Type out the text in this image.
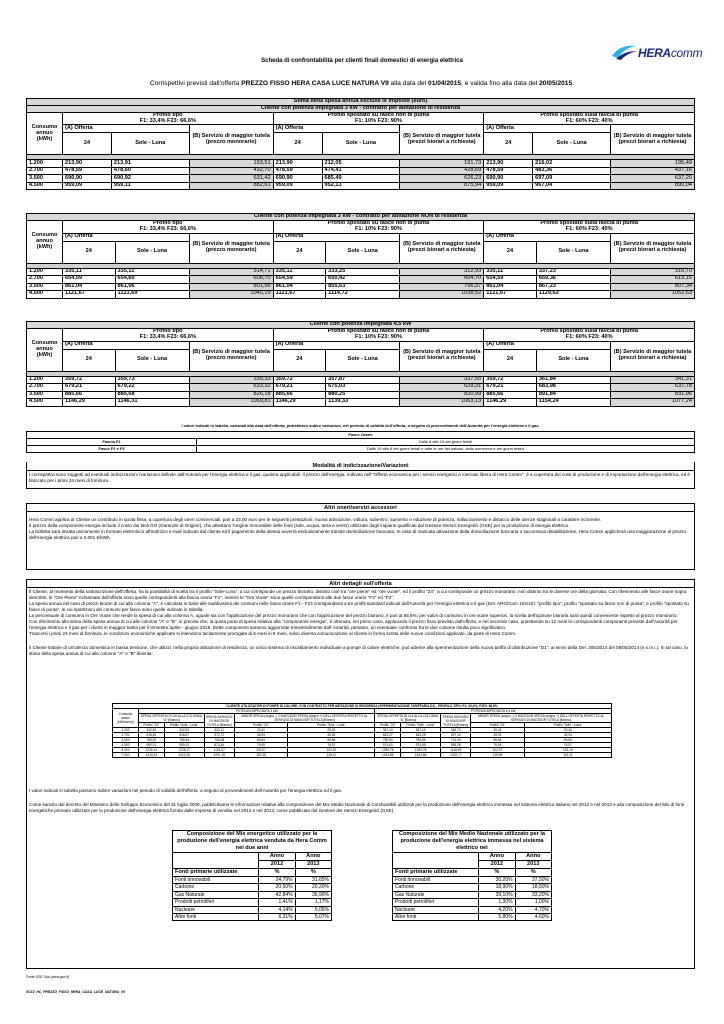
HERAcomm
Scheda di confrontabilità per clienti finali domestici di energia elettrica
Corrispettivi previsti dall'offerta PREZZO FISSO HERA CASA LUCE NATURA V9 alla data del 01/04/2015, e valida fino alla data del 20/05/2015.
Stima della spesa annua escluse le imposte (euro)									
Cliente con potenza impegnata 3 kW - contratto per abitazione di residenza									
Consumo annuo (kWh)	Profilo tipo
F1: 33,4% F23: 66,6%			Profilo spostato su fasce non di punta
F1: 10% F23: 90%			Profilo spostato sulla fascia di punta
F1: 60% F23: 40%		
	(A) Offerta		(B) Servizio di maggior tutela (prezzo monorario)	(A) Offerta		(B) Servizio di maggior tutela (prezzi biorari a richiesta)	(A) Offerta		(B) Servizio di maggior tutela (prezzi biorari a richiesta)
	24	Sole - Luna		24	Sole - Luna		24	Sole - Luna	

1.200	213,90	213,91	193,51	213,90	212,05	191,73	213,90	216,02	195,49
2.700	478,59	478,60	432,70	478,59	474,41	428,69	478,59	483,36	437,16
3.500	690,90	690,92	631,42	690,90	685,49	626,23	690,90	697,09	637,20
4.500	959,09	959,11	882,61	959,09	952,13	875,94	959,09	967,04	890,04
Cliente con potenza impegnata 3 kW - contratto per abitazione NON di residenza									
Consumo annuo (kWh)	Profilo tipo
F1: 33,4% F23: 66,6%			Profilo spostato su fasce non di punta
F1: 10% F23: 90%			Profilo spostato sulla fascia di punta
F1: 60% F23: 40%		
	(A) Offerta		(B) Servizio di maggior tutela (prezzo monorario)	(A) Offerta		(B) Servizio di maggior tutela (prezzi biorari a richiesta)	(A) Offerta		(B) Servizio di maggior tutela (prezzi biorari a richiesta)
	24	Sole - Luna		24	Sole - Luna		24	Sole - Luna	

1.200	335,11	335,11	314,71	335,11	333,25	312,93	335,11	337,23	316,70
2.700	654,59	654,60	608,70	654,59	650,42	604,70	654,59	659,36	613,16
3.500	861,04	861,06	801,56	861,04	855,63	796,37	861,04	867,23	807,34
4.500	1121,67	1121,69	1045,19	1121,67	1114,72	1038,52	1121,67	1129,62	1052,63
Cliente con potenza impegnata 4,5 kW									
Consumo annuo (kWh)	Profilo tipo
F1: 33,4% F23: 66,6%			Profilo spostato su fasce non di punta
F1: 10% F23: 90%			Profilo spostato sulla fascia di punta
F1: 60% F23: 40%		
	(A) Offerta		(B) Servizio di maggior tutela (prezzo monorario)	(A) Offerta		(B) Servizio di maggior tutela (prezzi biorari a richiesta)	(A) Offerta		(B) Servizio di maggior tutela (prezzi biorari a richiesta)
	24	Sole - Luna		24	Sole - Luna		24	Sole - Luna	

1.200	359,72	359,73	339,33	359,72	357,87	337,55	359,72	361,84	341,31
2.700	679,21	679,22	633,32	679,21	675,03	629,31	679,21	683,98	637,78
3.500	885,66	885,68	826,18	885,66	880,25	820,99	885,66	891,84	831,96
4.500	1146,29	1146,31	1069,81	1146,29	1139,33	1063,13	1146,29	1154,24	1077,24
I valori indicati in tabella, calcolati alla data dell'offerta, potrebbero subire variazioni, nel periodo di validità dell'offerta, a seguito di provvedimenti dell'Autorità per l'energia elettrica e il gas.
Fasce Orarie	
Fascia F1	Dalle 8 alle 19 dei giorni feriali
Fasce F2 e F3	Dalle 19 alle 8 dei giorni feriali e tutte le ore del sabato, della domenica e dei giorni festivi
Modalità di indicizzazione/Variazioni
I corrispettivi sono soggetti ad eventuali indicizzazioni /variazioni definite dall'Autorità per l'energia elettrica e il gas, qualora applicabili. Il prezzo dell'energia, indicato nell'"Offerta economica per i servizi energetici a mercato libero di Hera Comm", è a copertura dei costi di produzione e di importazione dell'energia elettrica, ed è bloccato per i primi 24 mesi di fornitura.
Altri oneri/servizi accessori

Hera Comm applica al Cliente un contributo in quota fissa, a copertura degli oneri commerciali, pari a 23,00 euro per le seguenti prestazioni: nuova attivazione, voltura, subentro, aumento e riduzione di potenza, riallacciamento e distacco delle utenze stagionali a carattere ricorrente.

Il prezzo della componente energia include il costo dei titoli GO (Garanzie di Origine), che attestano l'origine rinnovabile delle fonti (sole, acqua, terra e vento) utilizzate dagli impianti qualificati dal Gestore Servizi Energetici (GSE) per la produzione di energia elettrica.

La bolletta sarà inviata unicamente in formato elettronico all'indirizzo e-mail indicato dal cliente ed il pagamento della stessa avverrà esclusivamente tramite domiciliazione bancaria. In caso di mancata attivazione della domiciliazione bancaria o successiva disabilitazione, Hera Comm applicherà una maggiorazione al prezzo dell'energia elettrica pari a 0,001 €/kWh.

Altri dettagli sull'offerta

Il Cliente, al momento della sottoscrizione dell'offerta, ha la possibilità di scelta tra il profilo "Sole-Luna", a cui corrisponde un prezzo biorario, distinto cioè tra "ore piene" ed "ore vuote", ed il profilo "24", a cui corrisponde un prezzo monorario, non distinto tra le diverse ore della giornata. Con riferimento alle fasce orarie sopra descritte, le "Ore Piene" richiamate dall'offerta sono quelle corrispondenti alla fascia oraria "F1", mentre le "Ore Vuote" sono quelle corrispondenti alle due fasce orarie "F2" ed "F3".

La spesa annua nel caso di prezzi biorari di cui alla colonna "A", è calcolata in base alle suddivisioni dei consumi nelle fasce orarie F1 - F23 corrispondenti a tre profili standard indicati dall'Autorità per l'energia elettrica e il gas (Del. ARG/Com 104/10): "profilo tipo", profilo "spostato su fasce non di punta", e profilo "spostato su fasce di punta", le cui ripartizioni dei consumi per fasce sono quelle indicate in tabella.

La percentuale di consumo in Ore Vuote che rende la spesa di cui alla colonna A, uguale sia con l'applicazione del prezzo monorario che con l'applicazione del prezzo biorario, è pari al 66,6%: per valori di consumo in ore vuote superiori, la scelta dell'opzione bioraria sarà quindi conveniente rispetto al prezzo monorario.

Con riferimento alla stima della spesa annua di cui alle colonne "A" e "B", si precisa che, la quota parte di spesa relativa alla "componente energia", è ottenuta, nel primo caso, applicando il prezzo fisso previsto dall'offerta, e nel secondo caso, proiettando su 12 mesi le corrispondenti componenti previste dall'Autorità per l'energia elettrica e il gas per i clienti in maggior tutela per il trimestre aprile - giugno 2015. Dette componenti saranno aggiornate trimestralmente dall' Autorità, pertanto, un eventuale confronto fra le due colonne risulta poco significativo.

Trascorsi i primi 24 mesi di fornitura, le condizioni economiche applicate si intendono tacitamente prorogate di 6 mesi in 6 mesi, salvo diversa comunicazione al cliente in forma scritta delle nuove condizioni applicate, da parte di Hera Comm.

Il Cliente titolare di un'utenza domestica in bassa tensione, che utilizzi, nella propria abitazione di residenza, un unico sistema di riscaldamento individuale a pompe di calore elettriche, può aderire alla sperimentazione della nuova tariffa di distribuzione "D1", ai sensi della Del. 205/2014 del 08/05/2014 (e s.m.i.). In tal caso, la stima della spesa annua di cui alle colonne "A" e "B" diventa:

I valori indicati in tabella possono subire variazioni nel periodo di validità dell'offerta, a seguito di provvedimenti dell'Autorità per l'energia elettrica ed il gas.

Come sancito dal decreto del Ministero dello Sviluppo Economico del 31 luglio 2009, pubblichiamo le informazioni relative alla composizione del Mix Medio Nazionale di Combustibili utilizzati per la produzione dell'energia elettrica immessa nel sistema elettrico italiano nel 2012 e nel 2013 e alla composizione del Mix di fonti energetiche primarie utilizzate per la produzione dell'energia elettrica fornita dalle imprese di vendita nel 2012 e nel 2013, come pubblicate dal Gestore dei Servizi Energetici (GSE).

CLIENTE UTILIZZATORI DI POMPE DI CALORE, CON CONTRATTO PER ABITAZIONE DI RESIDENZA (SPERIMENTAZIONE TARIFFARIA D1) - PROFILO TIPO: F1: 33,4%; F2F3: 66,6%										
Consumo annuo (kWh/anno)	POTENZA IMPEGNATA 3 kW					POTENZA IMPEGNATA 4,5 kW				
	SPESA OFFERTA DI CUI ALLA COLONNA "A" [€/anno]		SPESA SERVIZIO DI MAGGIOR TUTELA [€/anno]	MINOR SPESA (segno -) O MAGGIOR SPESA (segno +) DELL'OFFERTA RISPETTO AL SERVIZIO DI MAGGIOR TUTELA [€/anno]		SPESA OFFERTA DI CUI ALLA COLONNA "A" [€/anno]		SPESA SERVIZIO DI MAGGIOR TUTELA [€/anno]	MINOR SPESA (segno -) O MAGGIOR SPESA (segno +) DELL'OFFERTA RISPETTO AL SERVIZIO DI MAGGIOR TUTELA [€/anno]	
	Profilo "24"	Profilo "Sole - Luna"		Profilo "24"	Profilo "Sole - Luna"	Profilo "24"	Profilo "Sole - Luna"		Profilo "24"	Profilo "Sole - Luna"
1.200	342,52	342,53	322,11	20,41	20,42	367,14	367,14	346,72	20,41	20,42
2.700	618,65	618,67	572,72	45,93	45,94	643,27	643,28	597,34	45,93	45,94
3.500	765,92	765,94	706,38	59,54	59,56	790,54	790,56	731,00	59,54	59,56
4.500	950,01	950,03	873,46	76,55	76,57	974,63	974,65	898,08	76,55	76,57
6.000	1226,14	1226,17	1124,07	102,07	102,10	1250,76	1250,78	1148,69	102,07	102,10
7.000	1410,23	1410,26	1291,15	119,08	119,11	1434,85	1434,88	1315,77	119,08	119,11
Composizione del Mix energetico utilizzato per la produzione dell'energia elettrica venduta da Hera Comm nei due anni		
	Anno	Anno
	2012	2013
Fonti primarie utilizzate	%	%
Fonti rinnovabili	24,79%	31,65%
Carbone	20,50%	20,20%
Gas Naturale	42,84%	36,90%
Prodotti petroliferi	1,41%	1,17%
Nucleare	4,14%	5,05%
Altre fonti	6,31%	5,07%
Composizione del Mix Medio Nazionale utilizzato per la produzione dell'energia elettrica immessa nel sistema elettrico nei		
	Anno	Anno
	2012	2013
Fonti primarie utilizzate	%	%
Fonti rinnovabili	30,20%	37,50%
Carbone	18,90%	18,50%
Gas Naturale	39,10%	33,20%
Prodotti petroliferi	1,30%	1,00%
Nucleare	4,20%	4,70%
Altre fonti	5,80%	4,60%
Fonte GSE Spa (www.gse.it)
SC13_HC_PREZZO_FISSO_HERA_CASA_LUCE_NATURA_V9
